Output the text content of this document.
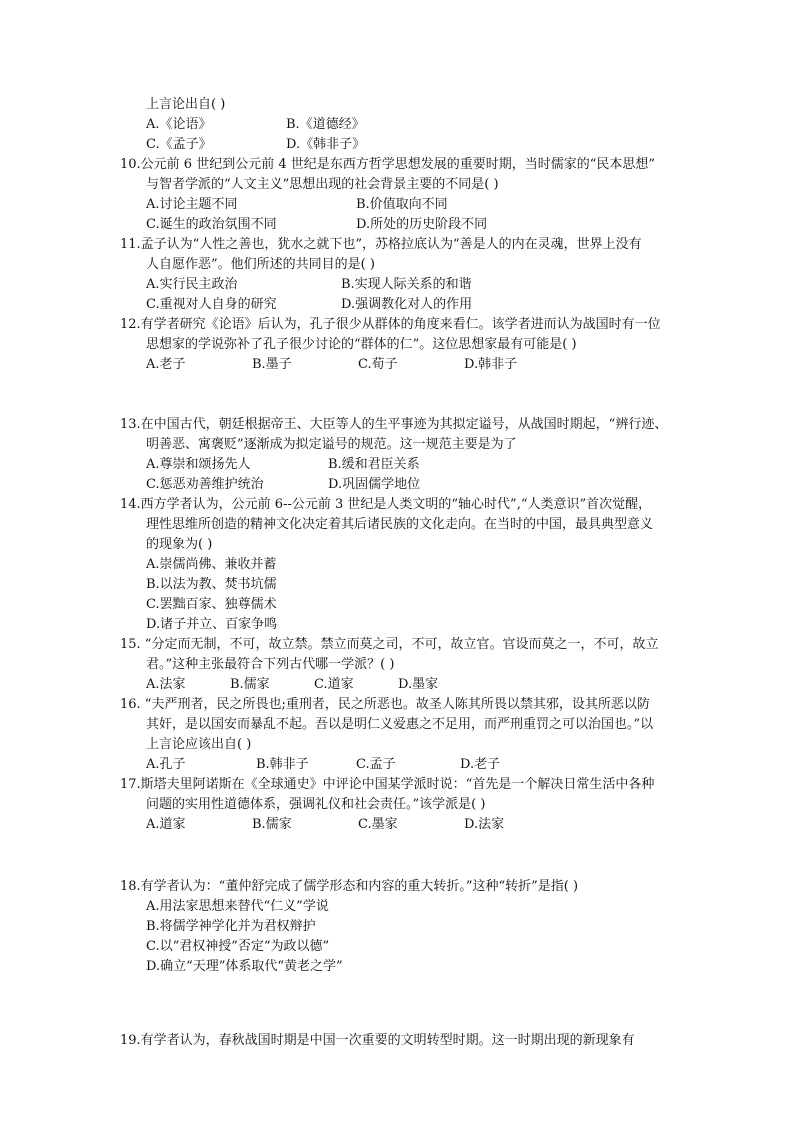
上言论出自( )
A.《论语》	B.《道德经》
C.《孟子》	D.《韩非子》
10.公元前 6 世纪到公元前 4 世纪是东西方哲学思想发展的重要时期，当时儒家的“民本思想”
与智者学派的“人文主义”思想出现的社会背景主要的不同是( )
A.讨论主题不同	B.价值取向不同
C.诞生的政治氛围不同	D.所处的历史阶段不同
11.孟子认为“人性之善也，犹水之就下也”，苏格拉底认为“善是人的内在灵魂，世界上没有
人自愿作恶”。他们所述的共同目的是( )
A.实行民主政治	B.实现人际关系的和谐
C.重视对人自身的研究	D.强调教化对人的作用
12.有学者研究《论语》后认为，孔子很少从群体的角度来看仁。该学者进而认为战国时有一位
思想家的学说弥补了孔子很少讨论的“群体的仁”。这位思想家最有可能是( )
A.老子	B.墨子	C.荀子	D.韩非子
13.在中国古代，朝廷根据帝王、大臣等人的生平事迹为其拟定谥号，从战国时期起，“辨行迹、
明善恶、寓褒贬”逐渐成为拟定谥号的规范。这一规范主要是为了
A.尊崇和颂扬先人	B.缓和君臣关系
C.惩恶劝善维护统治	D.巩固儒学地位
14.西方学者认为，公元前 6--公元前 3 世纪是人类文明的“轴心时代”,“人类意识”首次觉醒，
理性思维所创造的精神文化决定着其后诸民族的文化走向。在当时的中国，最具典型意义
的现象为( )
A.崇儒尚佛、兼收并蓄
B.以法为教、焚书坑儒
C.罢黜百家、独尊儒术
D.诸子并立、百家争鸣
15. “分定而无制，不可，故立禁。禁立而莫之司，不可，故立官。官设而莫之一，不可，故立
君。”这种主张最符合下列古代哪一学派？( )
A.法家	B.儒家	C.道家	D.墨家
16. “夫严刑者，民之所畏也;重刑者，民之所恶也。故圣人陈其所畏以禁其邪，设其所恶以防
其奸，是以国安而暴乱不起。吾以是明仁义爱惠之不足用，而严刑重罚之可以治国也。”以
上言论应该出自( )
A.孔子	B.韩非子	C.孟子	D.老子
17.斯塔夫里阿诺斯在《全球通史》中评论中国某学派时说：“首先是一个解决日常生活中各种
问题的实用性道德体系，强调礼仪和社会责任。”该学派是( )
A.道家	B.儒家	C.墨家	D.法家
18.有学者认为：“董仲舒完成了儒学形态和内容的重大转折。”这种“转折”是指( )
A.用法家思想来替代“仁义”学说
B.将儒学神学化并为君权辩护
C.以“君权神授”否定“为政以德”
D.确立“天理”体系取代“黄老之学”
19.有学者认为，春秋战国时期是中国一次重要的文明转型时期。这一时期出现的新现象有
